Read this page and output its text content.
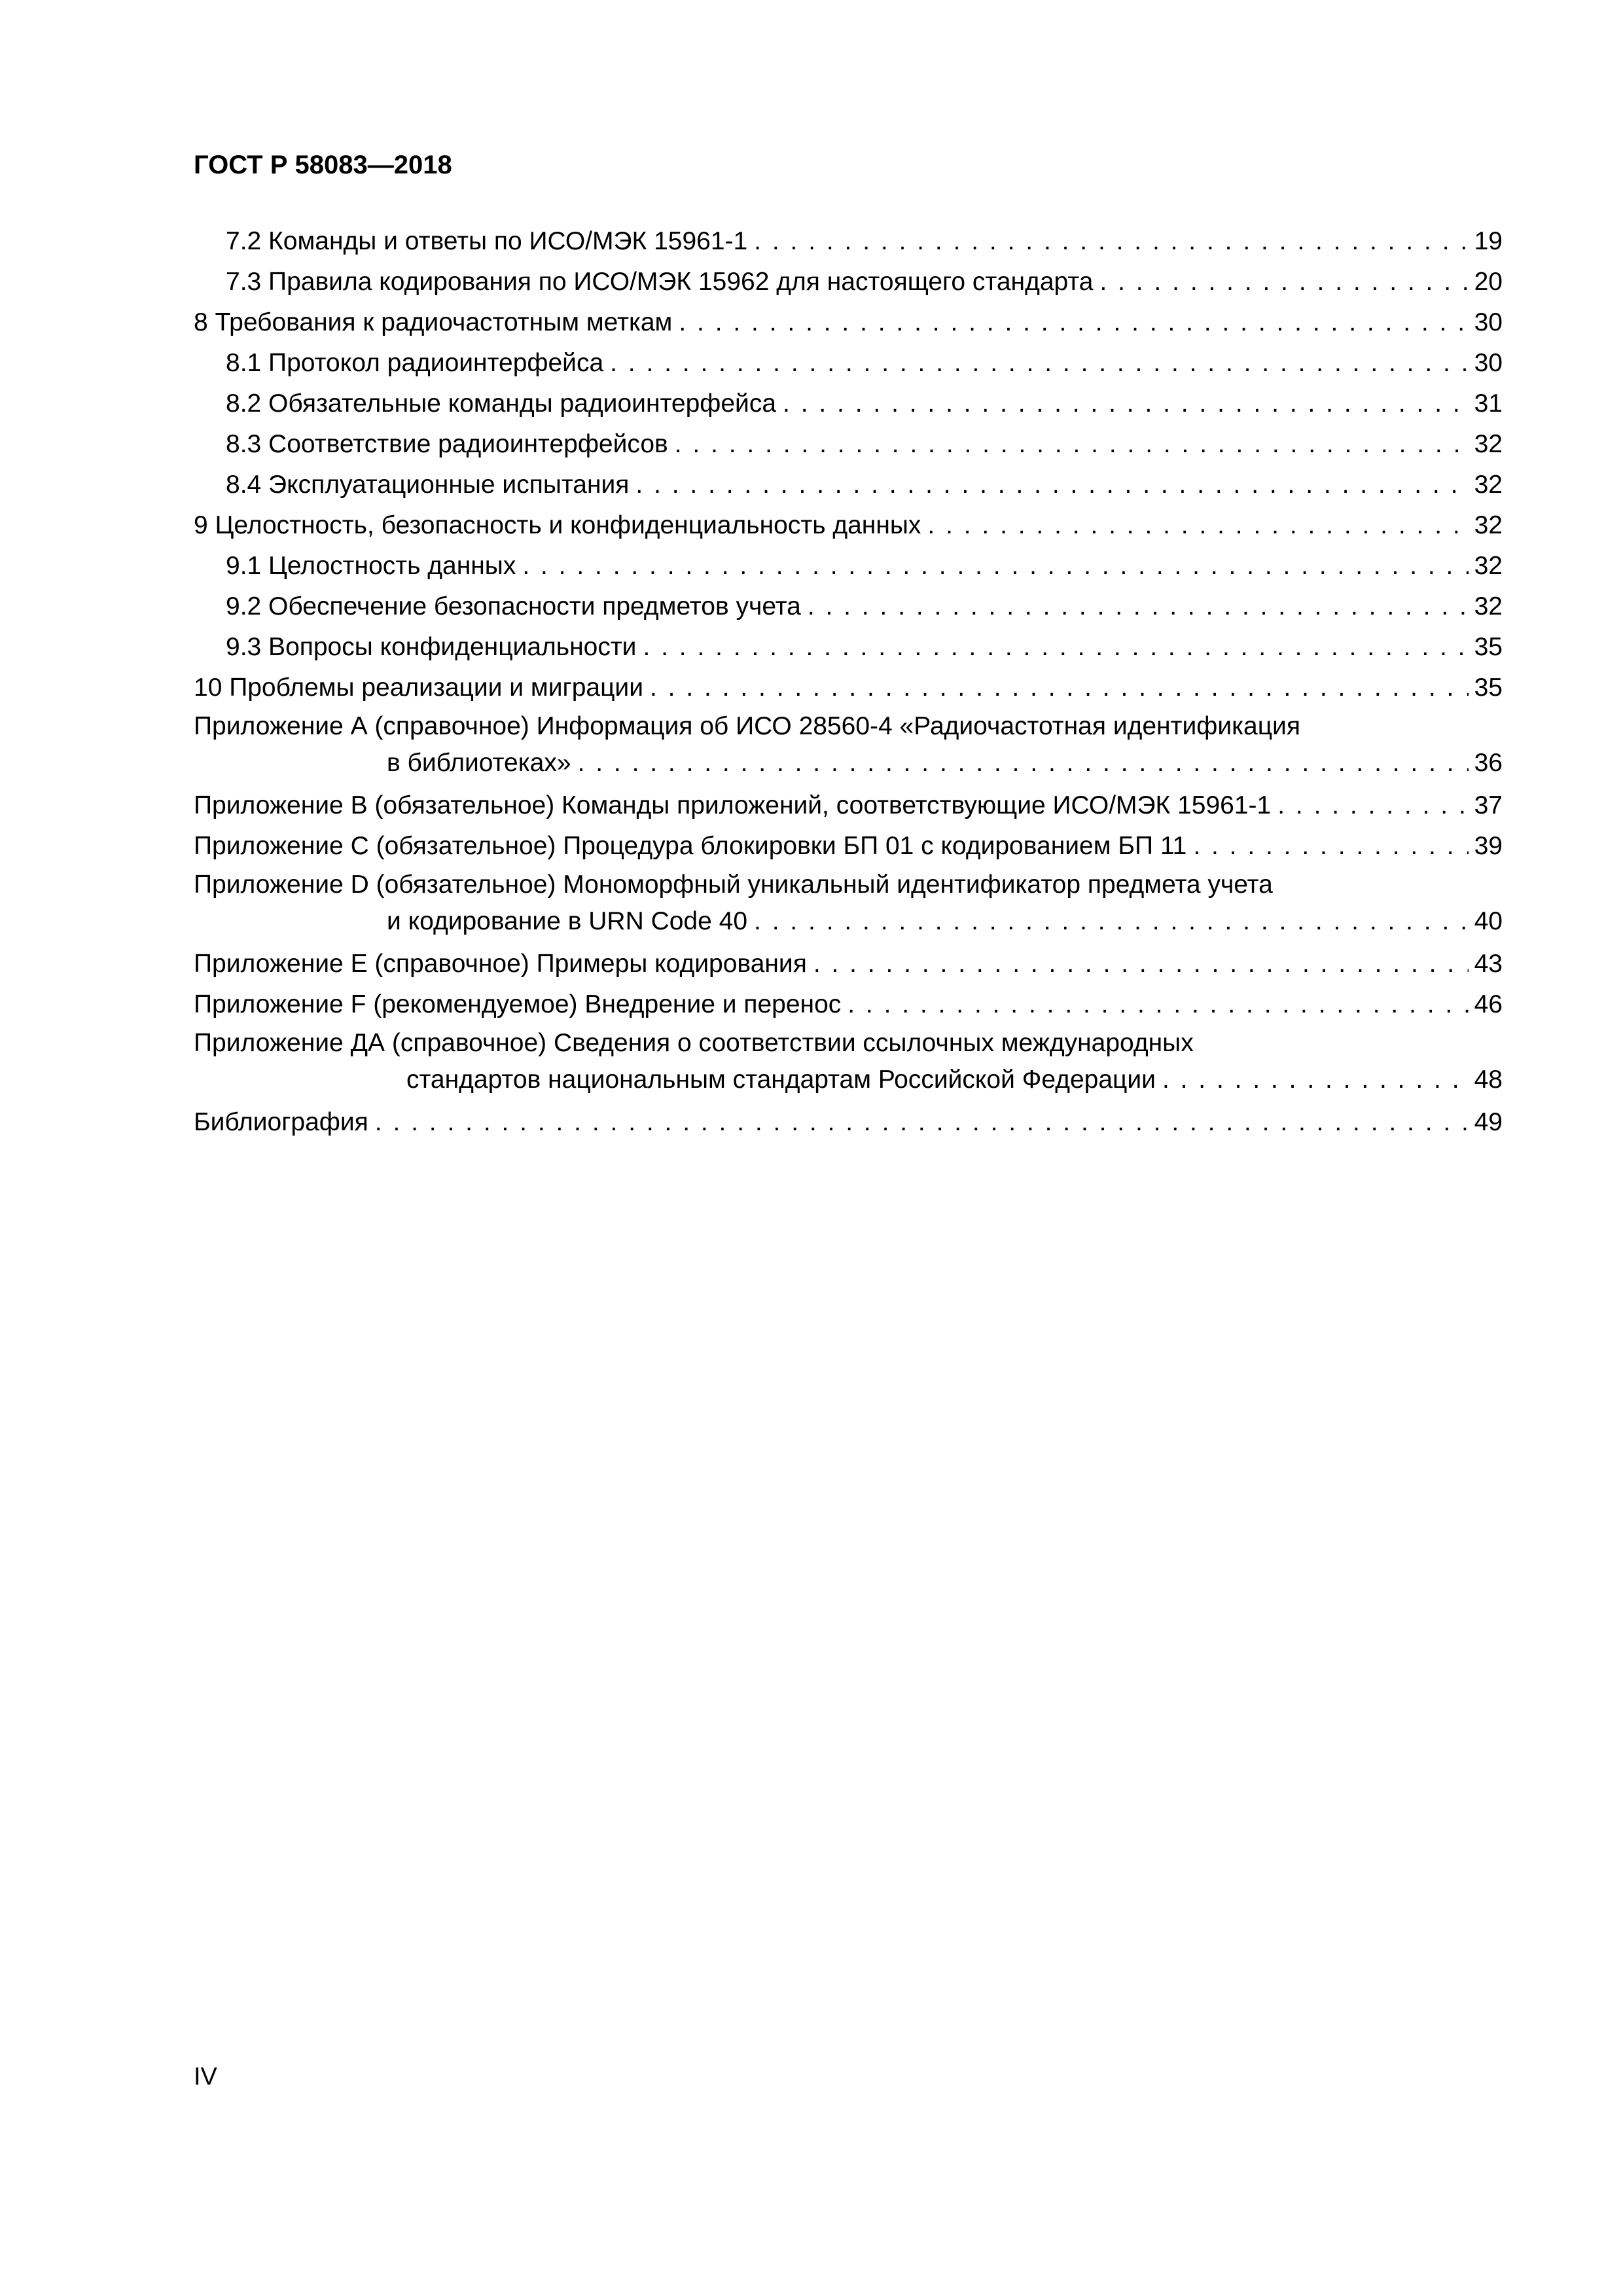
ГОСТ Р 58083—2018
7.2 Команды и ответы по ИСО/МЭК 15961-1 . . .	19
7.3 Правила кодирования по ИСО/МЭК 15962 для настоящего стандарта . . .	20
8 Требования к радиочастотным меткам . . .	30
8.1 Протокол радиоинтерфейса . . .	30
8.2 Обязательные команды радиоинтерфейса . . .	31
8.3 Соответствие радиоинтерфейсов . . .	32
8.4 Эксплуатационные испытания . . .	32
9 Целостность, безопасность и конфиденциальность данных . . .	32
9.1 Целостность данных . . .	32
9.2 Обеспечение безопасности предметов учета . . .	32
9.3 Вопросы конфиденциальности . . .	35
10 Проблемы реализации и миграции . . .	35
Приложение А (справочное) Информация об ИСО 28560-4 «Радиочастотная идентификация
в библиотеках» . . .	36
Приложение В (обязательное) Команды приложений, соответствующие ИСО/МЭК 15961-1 . . .	37
Приложение С (обязательное) Процедура блокировки БП 01 с кодированием БП 11 . . .	39
Приложение D (обязательное) Мономорфный уникальный идентификатор предмета учета
и кодирование в URN Code 40 . . .	40
Приложение Е (справочное) Примеры кодирования . . .	43
Приложение F (рекомендуемое) Внедрение и перенос . . .	46
Приложение ДА (справочное) Сведения о соответствии ссылочных международных
стандартов национальным стандартам Российской Федерации . . .	48
Библиография . . .	49
IV
